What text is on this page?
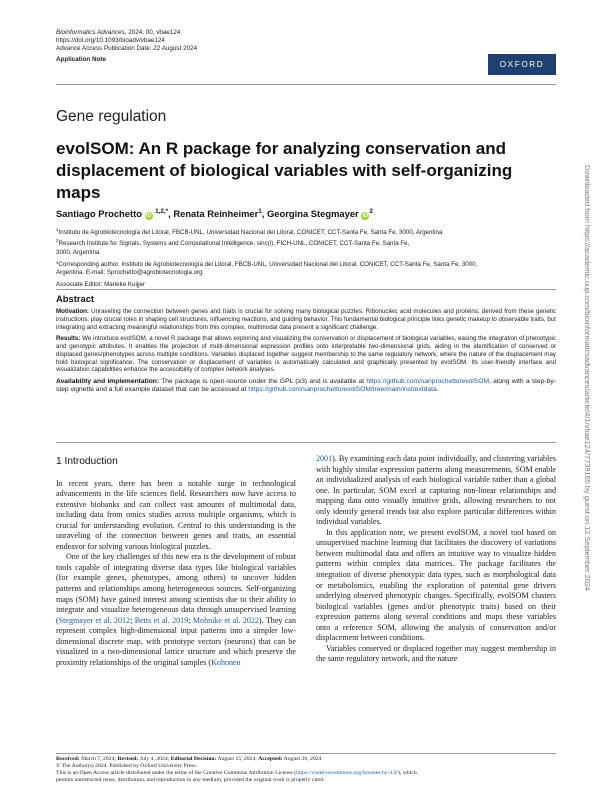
Bioinformatics Advances, 2024, 00, vbae124
https://doi.org/10.1093/bioadv/vbae124
Advance Access Publication Date: 22 August 2024
Application Note
OXFORD
Gene regulation
evolSOM: An R package for analyzing conservation and displacement of biological variables with self-organizing maps
Santiago Prochetto iD $^{1,2,*}$, Renata Reinheimer$^1$, Georgina Stegmayer $iD^2$
$^1$Instituto de Agrobiotecnología del Litoral, FBCB-UNL, Universidad Nacional del Litoral, CONICET, CCT-Santa Fe, Santa Fe, 3000, Argentina
$^2$Research Institute for Signals, Systems and Computational Intelligence, sinc(i), FICH-UNL, CONICET, CCT-Santa Fe, Santa Fe,
3000, Argentina
*Corresponding author. Instituto de Agrobiotecnología del Litoral, FBCB-UNL, Universidad Nacional del Litoral, CONICET, CCT-Santa Fe, Santa Fe, 3000,
Argentina. E-mail: Sprochetto@agrobiotecnologia.org
Associate Editor: Marieke Kuijjer
Abstract

Motivation: Unraveling the connection between genes and traits is crucial for solving many biological puzzles. Ribonucleic acid molecules and proteins, derived from these genetic instructions, play crucial roles in shaping cell structures, influencing reactions, and guiding behavior. This fundamental biological principle links genetic makeup to observable traits, but integrating and extracting meaningful relationships from this complex, multimodal data present a significant challenge.

Results: We introduce evolSOM, a novel R package that allows exploring and visualizing the conservation or displacement of biological variables, easing the integration of phenotypic and genotypic attributes. It enables the projection of multi-dimensional expression profiles onto interpretable two-dimensional grids, aiding in the identification of conserved or displaced genes/phenotypes across multiple conditions. Variables displaced together suggest membership to the same regulatory network, where the nature of the displacement may hold biological significance. The conservation or displacement of variables is automatically calculated and graphically presented by evolSOM. Its user-friendly interface and visualization capabilities enhance the accessibility of complex network analyses.

Availability and implementation: The package is open-source under the GPL (≥3) and is available at https://github.com/sanprochetto/evolSOM, along with a step-by-step vignette and a full example dataset that can be accessed at https://github.com/sanprochetto/evolSOM/tree/main/inst/extdata.

1 Introduction

In recent years, there has been a notable surge in technological advancements in the life sciences field. Researchers now have access to extensive biobanks and can collect vast amounts of multimodal data, including data from omics studies across multiple organisms, which is crucial for understanding evolution. Central to this understanding is the unraveling of the connection between genes and traits, an essential endeavor for solving various biological puzzles.

One of the key challenges of this new era is the development of robust tools capable of integrating diverse data types like biological variables (for example genes, phenotypes, among others) to uncover hidden patterns and relationships among heterogeneous sources. Self-organizing maps (SOM) have gained interest among scientists due to their ability to integrate and visualize heterogeneous data through unsupervised learning (Stegmayer et al. 2012; Betts et al. 2019; Mohnike et al. 2022). They can represent complex high-dimensional input patterns into a simpler low-dimensional discrete map, with prototype vectors (neurons) that can be visualized in a two-dimensional lattice structure and which preserve the proximity relationships of the original samples (Kohonen

2001). By examining each data point individually, and clustering variables with highly similar expression patterns along measurements, SOM enable an individualized analysis of each biological variable rather than a global one. In particular, SOM excel at capturing non-linear relationships and mapping data onto visually intuitive grids, allowing researchers to not only identify general trends but also explore particular differences within individual variables.

In this application note, we present evolSOM, a novel tool based on unsupervised machine learning that facilitates the discovery of variations between multimodal data and offers an intuitive way to visualize hidden patterns within complex data matrices. The package facilitates the integration of diverse phenotypic data types, such as morphological data or metabolomics, enabling the exploration of potential gene drivers underlying observed phenotypic changes. Specifically, evolSOM clusters biological variables (genes and/or phenotypic traits) based on their expression patterns along several conditions and maps these variables onto a reference SOM, allowing the analysis of conservation and/or displacement between conditions.

Variables conserved or displaced together may suggest membership in the same regulatory network, and the nature

Received: March 7, 2024; Revised: July 4, 2024; Editorial Decision: August 15, 2024; Accepted: August 20, 2024
© The Author(s) 2024. Published by Oxford University Press.
This is an Open Access article distributed under the terms of the Creative Commons Attribution License (https://creativecommons.org/licenses/by/4.0/), which
permits unrestricted reuse, distribution, and reproduction in any medium, provided the original work is properly cited.
Downloaded from https://academic.oup.com/bioinformaticsadvances/article/4/1/vbae124/7739165 by guest on 12 September 2024
